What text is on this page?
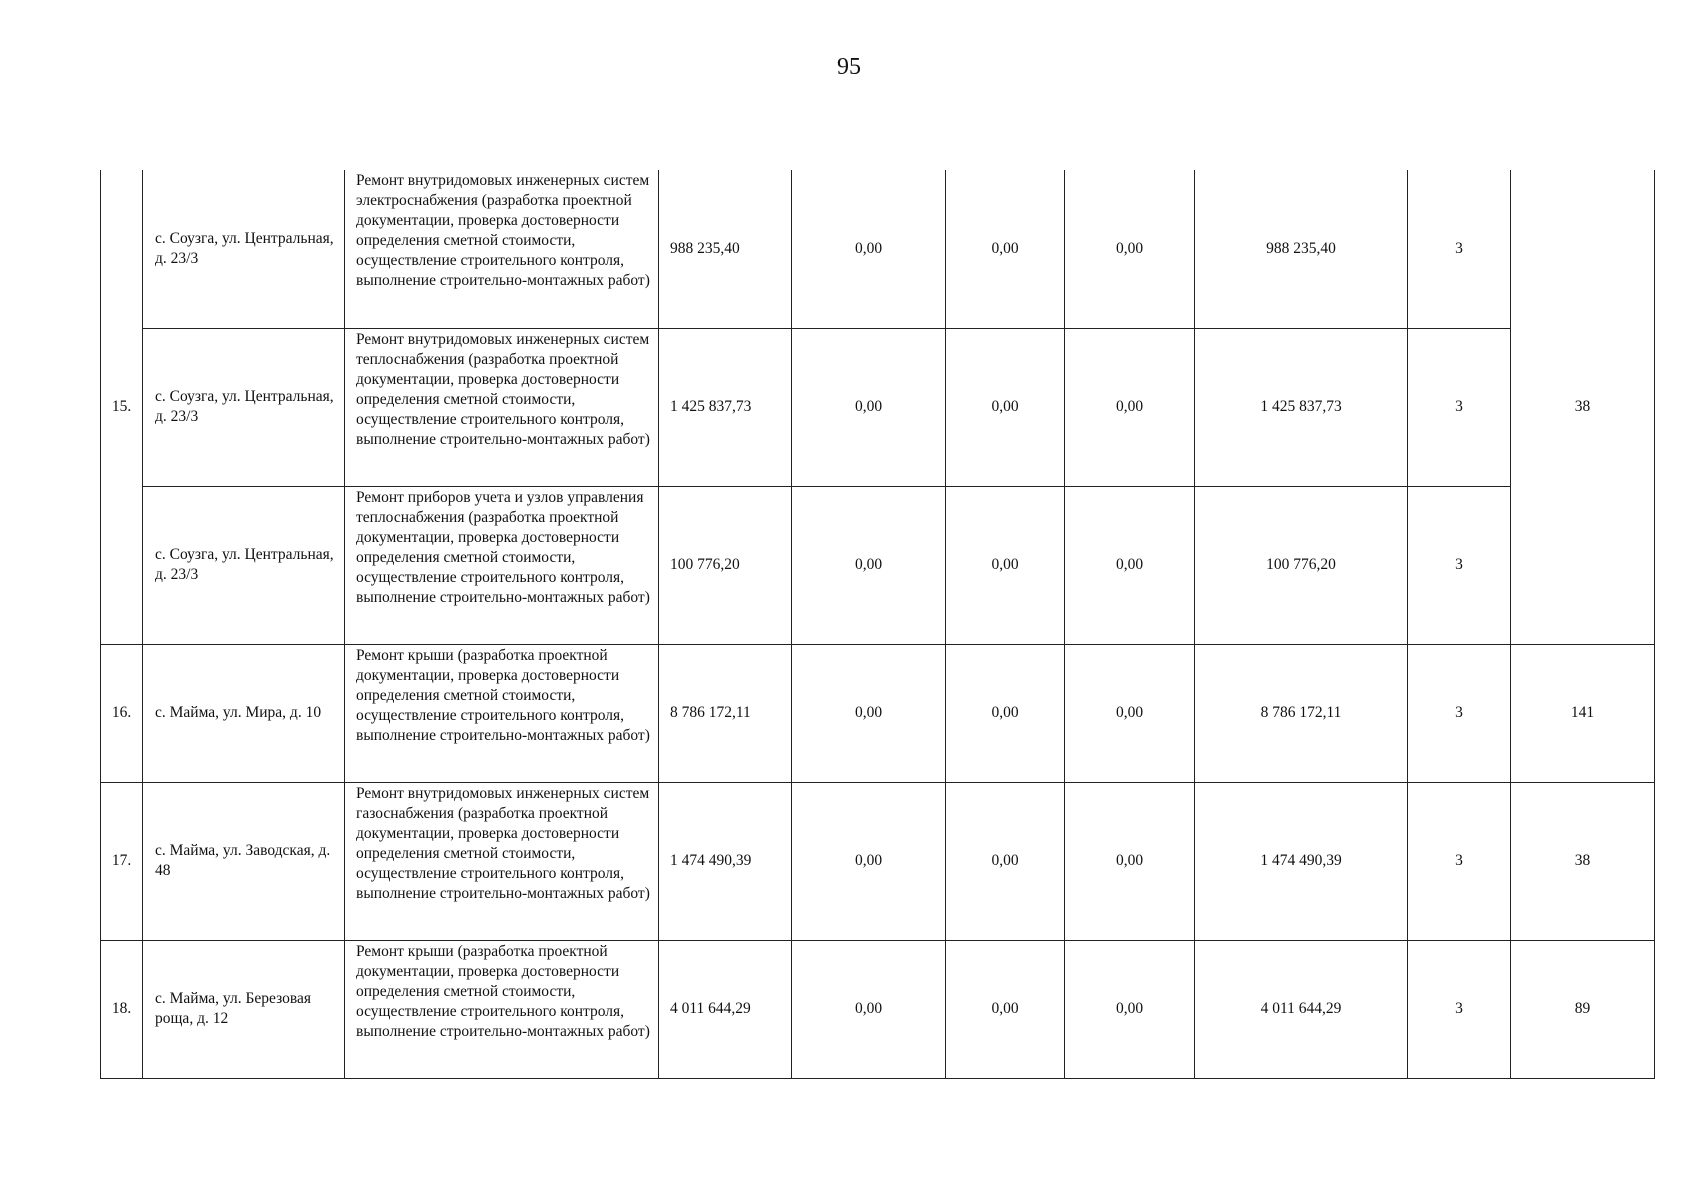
95
15.	с. Соузга, ул. Центральная, д. 23/3	Ремонт внутридомовых инженерных систем электроснабжения (разработка проектной документации, проверка достоверности определения сметной стоимости, осуществление строительного контроля, выполнение строительно-монтажных работ)	988 235,40	0,00	0,00	0,00	988 235,40	3	38
	с. Соузга, ул. Центральная, д. 23/3	Ремонт внутридомовых инженерных систем теплоснабжения (разработка проектной документации, проверка достоверности определения сметной стоимости, осуществление строительного контроля, выполнение строительно-монтажных работ)	1 425 837,73	0,00	0,00	0,00	1 425 837,73	3	
	с. Соузга, ул. Центральная, д. 23/3	Ремонт приборов учета и узлов управления теплоснабжения (разработка проектной документации, проверка достоверности определения сметной стоимости, осуществление строительного контроля, выполнение строительно-монтажных работ)	100 776,20	0,00	0,00	0,00	100 776,20	3	
16.	с. Майма, ул. Мира, д. 10	Ремонт крыши (разработка проектной документации, проверка достоверности определения сметной стоимости, осуществление строительного контроля, выполнение строительно-монтажных работ)	8 786 172,11	0,00	0,00	0,00	8 786 172,11	3	141
17.	с. Майма, ул. Заводская, д. 48	Ремонт внутридомовых инженерных систем газоснабжения (разработка проектной документации, проверка достоверности определения сметной стоимости, осуществление строительного контроля, выполнение строительно-монтажных работ)	1 474 490,39	0,00	0,00	0,00	1 474 490,39	3	38
18.	с. Майма, ул. Березовая роща, д. 12	Ремонт крыши (разработка проектной документации, проверка достоверности определения сметной стоимости, осуществление строительного контроля, выполнение строительно-монтажных работ)	4 011 644,29	0,00	0,00	0,00	4 011 644,29	3	89
